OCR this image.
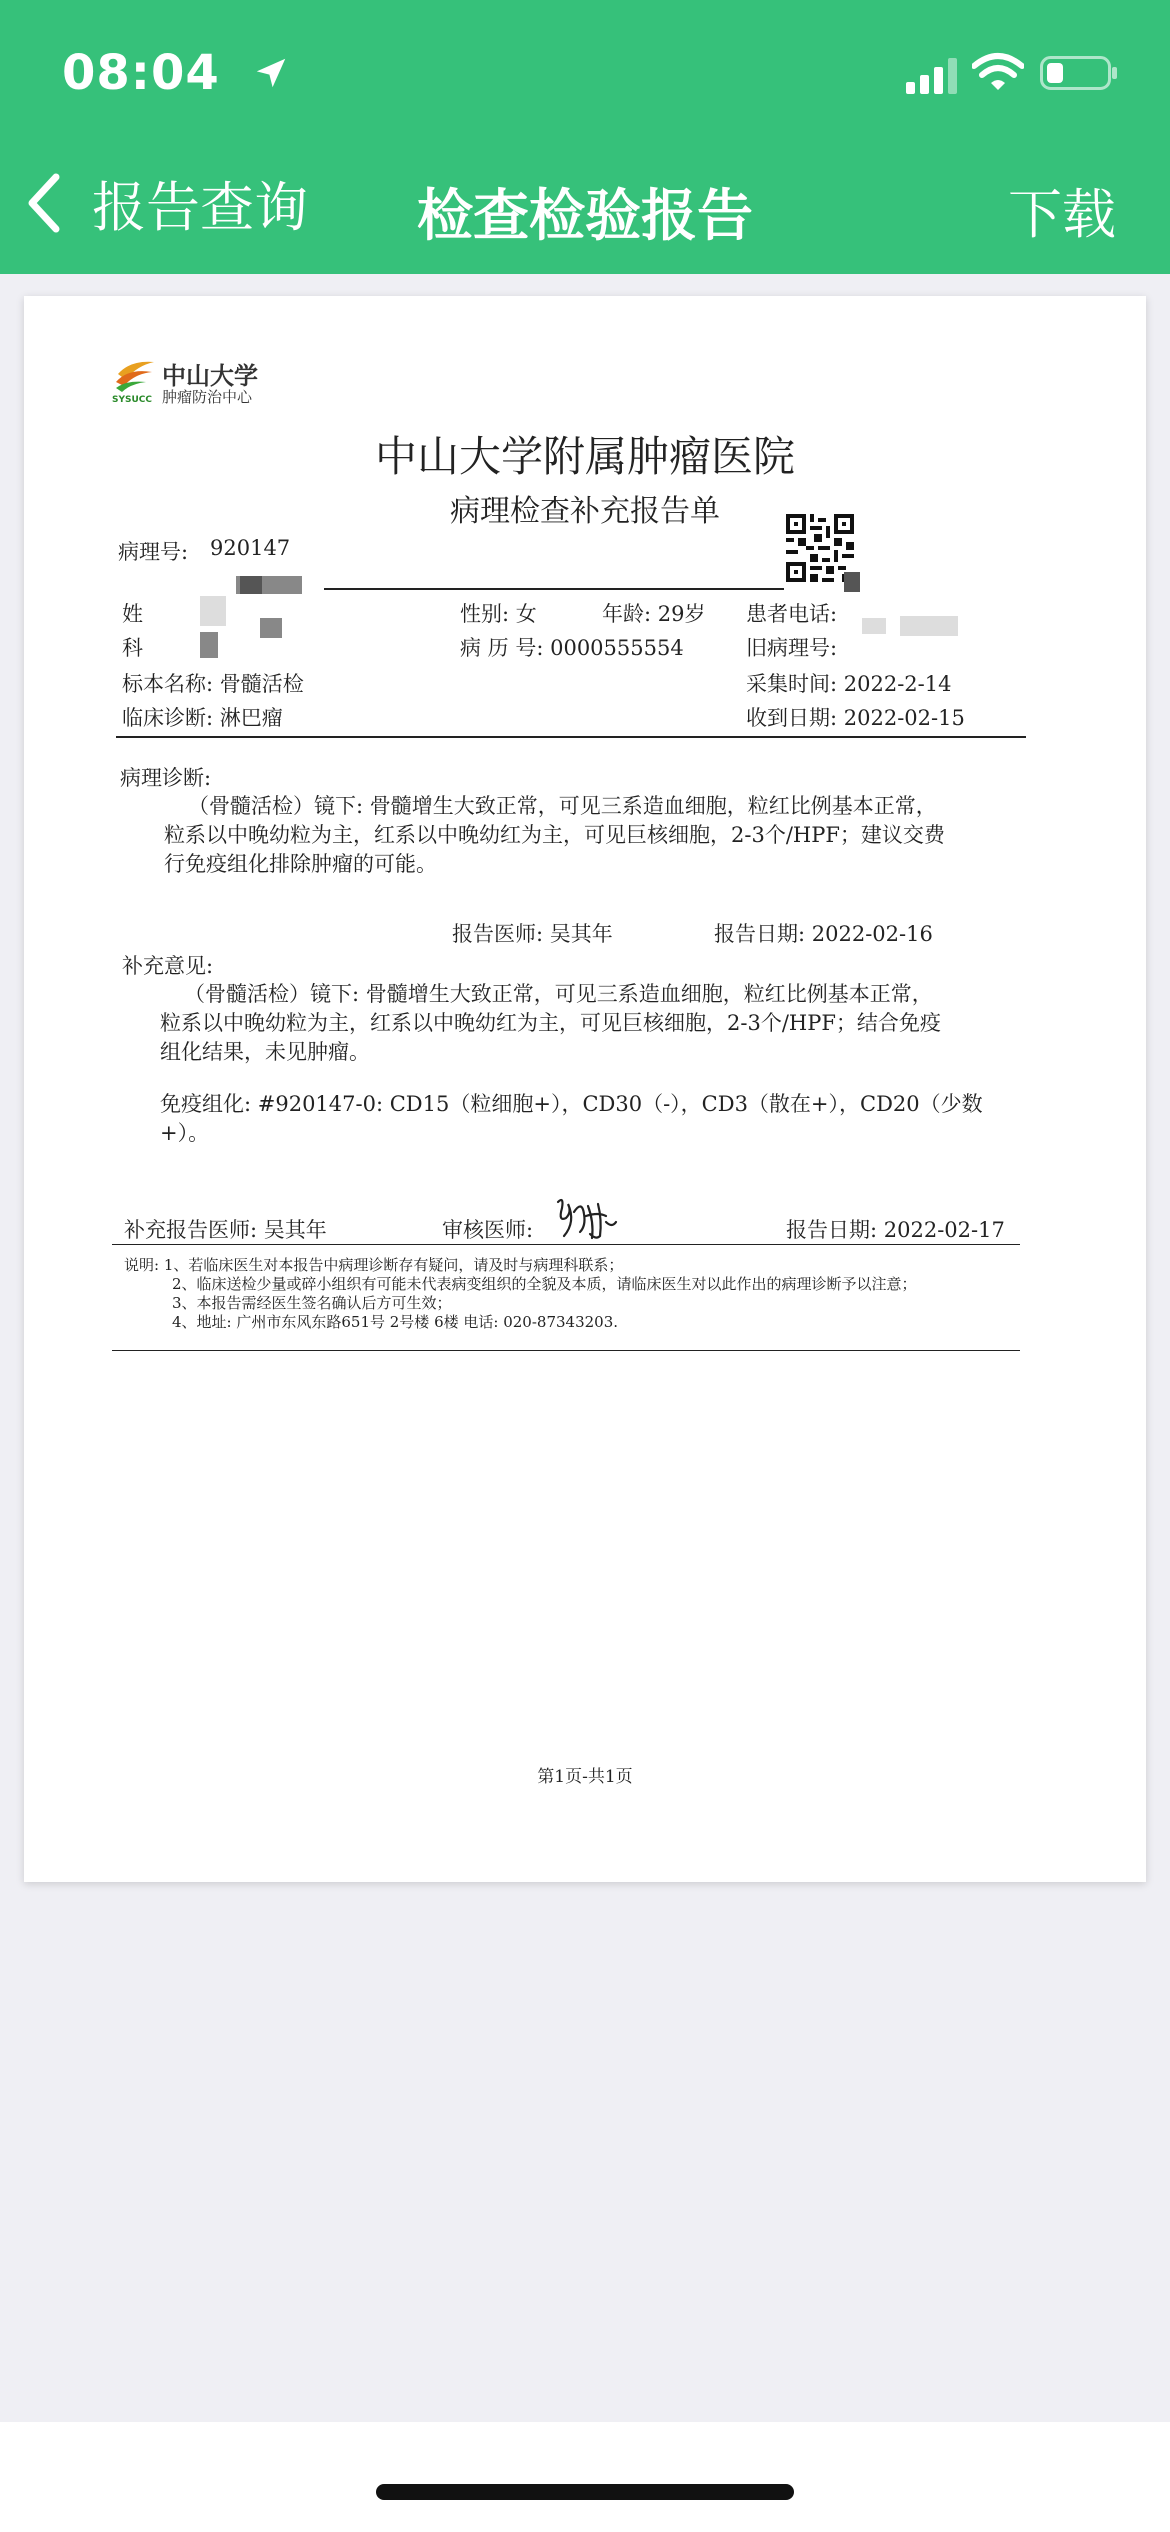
08:04
报告查询	检查检验报告	下载
SYSUCC
中山大学
肿瘤防治中心
中山大学附属肿瘤医院
病理检查补充报告单
病理号: 920147
姓	性别: 女	年龄: 29岁 患者电话:
科	病 历 号: 0000555554	旧病理号:
标本名称: 骨髓活检	采集时间: 2022-2-14
临床诊断: 淋巴瘤	收到日期: 2022-02-15
病理诊断:
（骨髓活检）镜下: 骨髓增生大致正常，可见三系造血细胞，粒红比例基本正常，
粒系以中晚幼粒为主，红系以中晚幼红为主，可见巨核细胞，2-3个/HPF；建议交费
行免疫组化排除肿瘤的可能。
报告医师: 吴其年	报告日期: 2022-02-16
补充意见:
（骨髓活检）镜下: 骨髓增生大致正常，可见三系造血细胞，粒红比例基本正常，
粒系以中晚幼粒为主，红系以中晚幼红为主，可见巨核细胞，2-3个/HPF；结合免疫
组化结果，未见肿瘤。
免疫组化: #920147-0: CD15（粒细胞+），CD30（-），CD3（散在+），CD20（少数
+）。
补充报告医师: 吴其年	审核医师:	报告日期: 2022-02-17
说明: 1、若临床医生对本报告中病理诊断存有疑问，请及时与病理科联系；
2、临床送检少量或碎小组织有可能未代表病变组织的全貌及本质，请临床医生对以此作出的病理诊断予以注意；
3、本报告需经医生签名确认后方可生效；
4、地址: 广州市东风东路651号 2号楼 6楼 电话: 020-87343203.
第1页-共1页
